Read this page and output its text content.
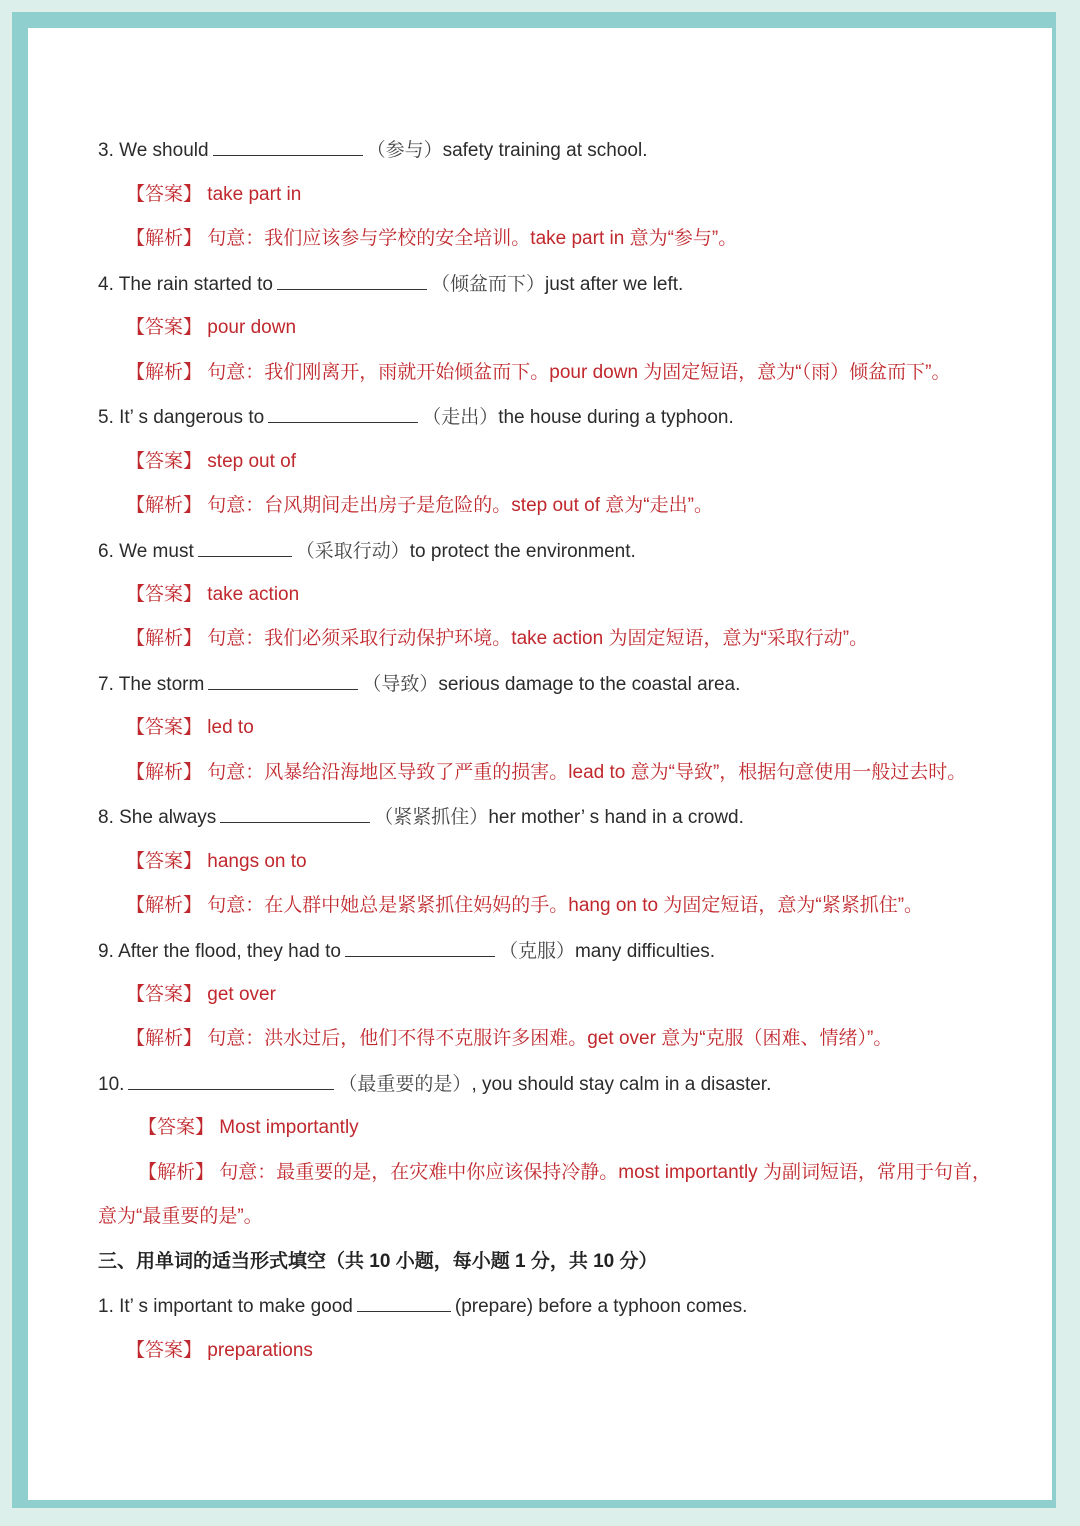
3. We should	（参与）safety training at school.
【答案】 take part in
【解析】 句意：我们应该参与学校的安全培训。take part in 意为“参与”。
4. The rain started to	（倾盆而下）just after we left.
【答案】 pour down
【解析】 句意：我们刚离开，雨就开始倾盆而下。pour down 为固定短语，意为“（雨）倾盆而下”。
5. It’ s dangerous to	（走出）the house during a typhoon.
【答案】 step out of
【解析】 句意：台风期间走出房子是危险的。step out of 意为“走出”。
6. We must	（采取行动）to protect the environment.
【答案】 take action
【解析】 句意：我们必须采取行动保护环境。take action 为固定短语，意为“采取行动”。
7. The storm	（导致）serious damage to the coastal area.
【答案】 led to
【解析】 句意：风暴给沿海地区导致了严重的损害。lead to 意为“导致”，根据句意使用一般过去时。
8. She always	（紧紧抓住）her mother’ s hand in a crowd.
【答案】 hangs on to
【解析】 句意：在人群中她总是紧紧抓住妈妈的手。hang on to 为固定短语，意为“紧紧抓住”。
9. After the flood, they had to	（克服）many difficulties.
【答案】 get over
【解析】 句意：洪水过后，他们不得不克服许多困难。get over 意为“克服（困难、情绪）”。
10.	（最重要的是）, you should stay calm in a disaster.
【答案】 Most importantly
【解析】 句意：最重要的是，在灾难中你应该保持冷静。most importantly 为副词短语，常用于句首，
意为“最重要的是”。
三、用单词的适当形式填空（共 10 小题，每小题 1 分，共 10 分）
1. It’ s important to make good	(prepare) before a typhoon comes.
【答案】 preparations
